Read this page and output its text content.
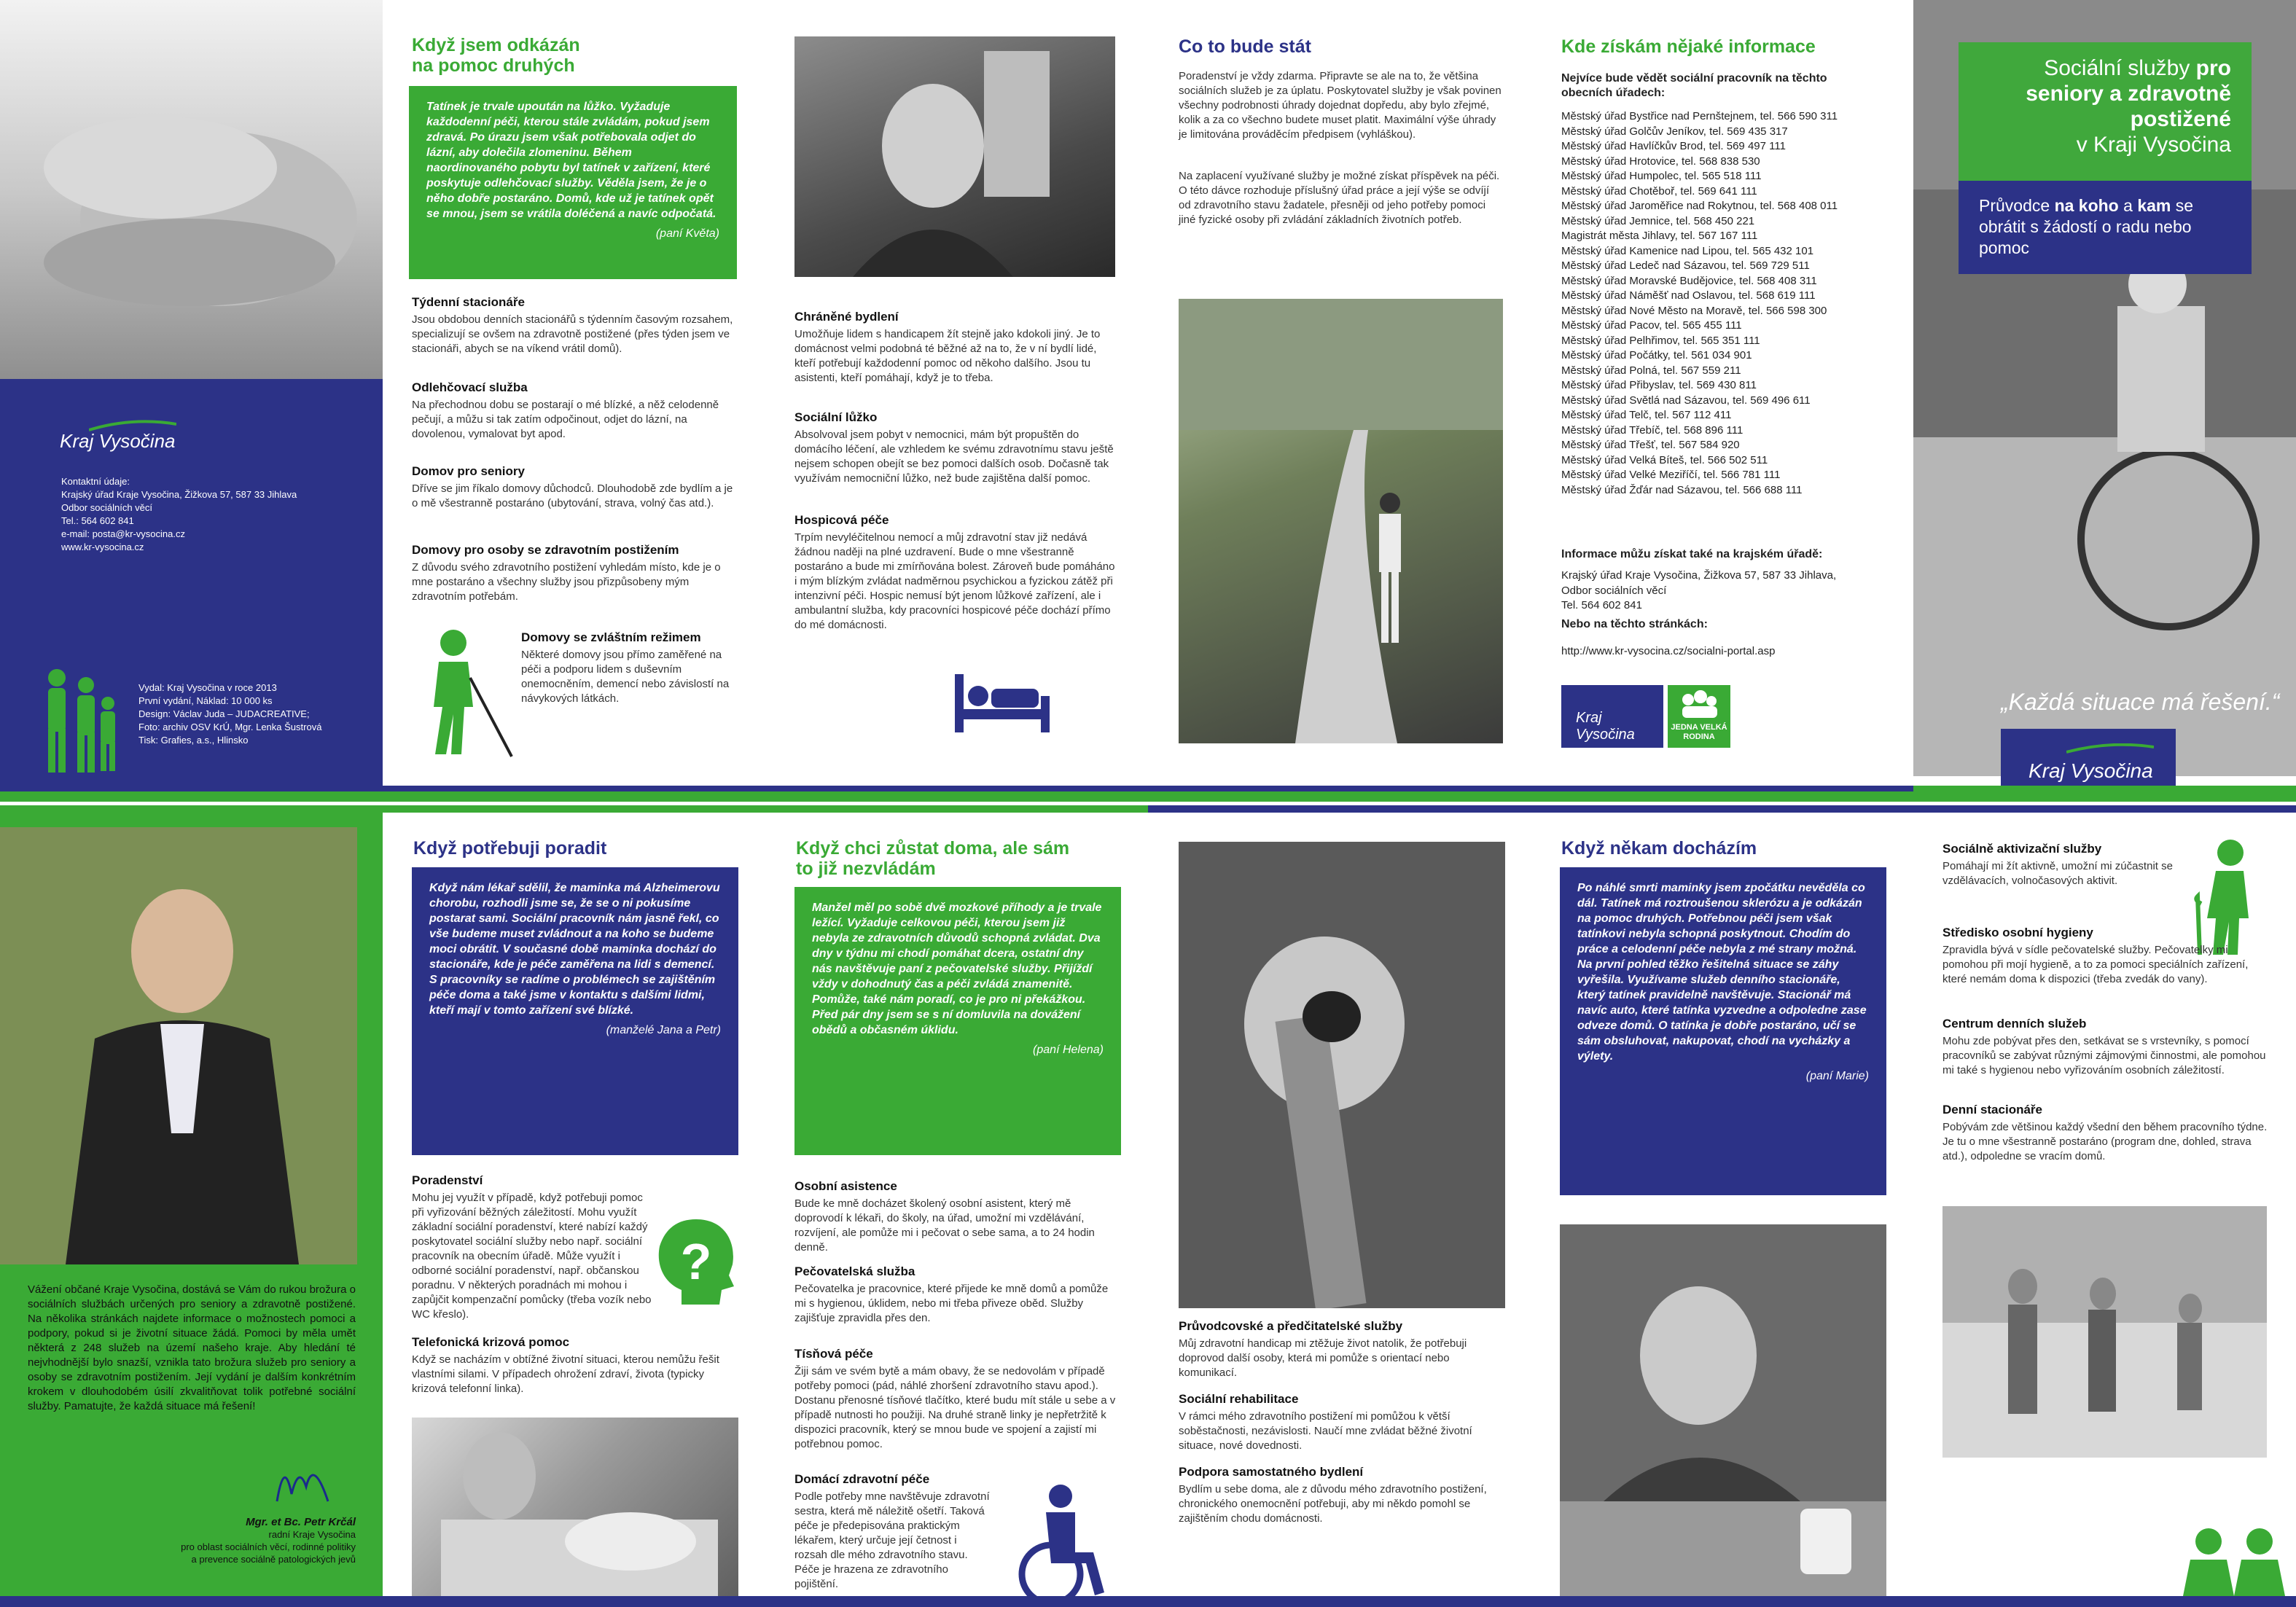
Kraj Vysočina
Kontaktní údaje:
Krajský úřad Kraje Vysočina, Žižkova 57, 587 33 Jihlava
Odbor sociálních věcí
Tel.: 564 602 841
e-mail: posta@kr-vysocina.cz
www.kr-vysocina.cz
Vydal: Kraj Vysočina v roce 2013
První vydání, Náklad: 10 000 ks
Design: Václav Juda – JUDACREATIVE;
Foto: archiv OSV KrÚ, Mgr. Lenka Šustrová
Tisk: Grafies, a.s., Hlinsko
Když jsem odkázán na pomoc druhých
Tatínek je trvale upoután na lůžko. Vyžaduje každodenní péči, kterou stále zvládám, pokud jsem zdravá. Po úrazu jsem však potřebovala odjet do lázní, aby dolečila zlomeninu. Během naordinovaného pobytu byl tatínek v zařízení, které poskytuje odlehčovací služby. Věděla jsem, že je o něho dobře postaráno. Domů, kde už je tatínek opět se mnou, jsem se vrátila doléčená a navíc odpočatá.
(paní Květa)
Týdenní stacionáře

Jsou obdobou denních stacionářů s týdenním časovým rozsahem, specializují se ovšem na zdravotně postižené (přes týden jsem ve stacionáři, abych se na víkend vrátil domů).

Odlehčovací služba

Na přechodnou dobu se postarají o mé blízké, a něž celodenně pečují, a můžu si tak zatím odpočinout, odjet do lázní, na dovolenou, vymalovat byt apod.

Domov pro seniory

Dříve se jim říkalo domovy důchodců. Dlouhodobě zde bydlím a je o mě všestranně postaráno (ubytování, strava, volný čas atd.).

Domovy pro osoby se zdravotním postižením

Z důvodu svého zdravotního postižení vyhledám místo, kde je o mne postaráno a všechny služby jsou přizpůsobeny mým zdravotním potřebám.

Domovy se zvláštním režimem

Některé domovy jsou přímo zaměřené na péči a podporu lidem s duševním onemocněním, demencí nebo závislostí na návykových látkách.

Chráněné bydlení

Umožňuje lidem s handicapem žít stejně jako kdokoli jiný. Je to domácnost velmi podobná té běžné až na to, že v ní bydlí lidé, kteří potřebují každodenní pomoc od někoho dalšího. Jsou tu asistenti, kteří pomáhají, když je to třeba.

Sociální lůžko

Absolvoval jsem pobyt v nemocnici, mám být propuštěn do domácího léčení, ale vzhledem ke svému zdravotnímu stavu ještě nejsem schopen obejít se bez pomoci dalších osob. Dočasně tak využívám nemocniční lůžko, než bude zajištěna další pomoc.

Hospicová péče

Trpím nevyléčitelnou nemocí a můj zdravotní stav již nedává žádnou naději na plné uzdravení. Bude o mne všestranně postaráno a bude mi zmírňována bolest. Zároveň bude pomáháno i mým blízkým zvládat nadměrnou psychickou a fyzickou zátěž při intenzivní péči. Hospic nemusí být jenom lůžkové zařízení, ale i ambulantní služba, kdy pracovníci hospicové péče dochází přímo do mé domácnosti.

Co to bude stát

Poradenství je vždy zdarma. Připravte se ale na to, že většina sociálních služeb je za úplatu. Poskytovatel služby je však povinen všechny podrobnosti úhrady dojednat dopředu, aby bylo zřejmé, kolik a za co všechno budete muset platit. Maximální výše úhrady je limitována prováděcím předpisem (vyhláškou).

Na zaplacení využívané služby je možné získat příspěvek na péči. O této dávce rozhoduje příslušný úřad práce a její výše se odvíjí od zdravotního stavu žadatele, přesněji od jeho potřeby pomoci jiné fyzické osoby při zvládání základních životních potřeb.

Kde získám nějaké informace
Nejvíce bude vědět sociální pracovník na těchto obecních úřadech:

Městský úřad Bystřice nad Pernštejnem, tel. 566 590 311

Městský úřad Golčův Jeníkov, tel. 569 435 317

Městský úřad Havlíčkův Brod, tel. 569 497 111

Městský úřad Hrotovice, tel. 568 838 530

Městský úřad Humpolec, tel. 565 518 111

Městský úřad Chotěboř, tel. 569 641 111

Městský úřad Jaroměřice nad Rokytnou, tel. 568 408 011

Městský úřad Jemnice, tel. 568 450 221

Magistrát města Jihlavy, tel. 567 167 111

Městský úřad Kamenice nad Lipou, tel. 565 432 101

Městský úřad Ledeč nad Sázavou, tel. 569 729 511

Městský úřad Moravské Budějovice, tel. 568 408 311

Městský úřad Náměšť nad Oslavou, tel. 568 619 111

Městský úřad Nové Město na Moravě, tel. 566 598 300

Městský úřad Pacov, tel. 565 455 111

Městský úřad Pelhřimov, tel. 565 351 111

Městský úřad Počátky, tel. 561 034 901

Městský úřad Polná, tel. 567 559 211

Městský úřad Přibyslav, tel. 569 430 811

Městský úřad Světlá nad Sázavou, tel. 569 496 611

Městský úřad Telč, tel. 567 112 411

Městský úřad Třebíč, tel. 568 896 111

Městský úřad Třešť, tel. 567 584 920

Městský úřad Velká Bíteš, tel. 566 502 511

Městský úřad Velké Meziříčí, tel. 566 781 111

Městský úřad Žďár nad Sázavou, tel. 566 688 111

Informace můžu získat také na krajském úřadě:

Krajský úřad Kraje Vysočina, Žižkova 57, 587 33 Jihlava,

Odbor sociálních věcí

Tel. 564 602 841

Nebo na těchto stránkách:
http://www.kr-vysocina.cz/socialni-portal.asp
Kraj Vysočina	JEDNA VELKÁ RODINA
Sociální služby pro seniory a zdravotně postižené
v Kraji Vysočina
Průvodce na koho a kam se obrátit s žádostí o radu nebo pomoc
„Každá situace má řešení.“
Kraj Vysočina
Vážení občané Kraje Vysočina, dostává se Vám do rukou brožura o sociálních službách určených pro seniory a zdravotně postižené. Na několika stránkách najdete informace o možnostech pomoci a podpory, pokud si je životní situace žádá. Pomoci by měla umět některá z 248 služeb na území našeho kraje. Aby hledání té nejvhodnější bylo snazší, vznikla tato brožura služeb pro seniory a osoby se zdravotním postižením. Její vydání je dalším konkrétním krokem v dlouhodobém úsilí zkvalitňovat tolik potřebné sociální služby. Pamatujte, že každá situace má řešení!
Mgr. et Bc. Petr Krčál
radní Kraje Vysočina
pro oblast sociálních věcí, rodinné politiky
a prevence sociálně patologických jevů
Když potřebuji poradit
Když nám lékař sdělil, že maminka má Alzheimerovu chorobu, rozhodli jsme se, že se o ni pokusíme postarat sami. Sociální pracovník nám jasně řekl, co vše budeme muset zvládnout a na koho se budeme moci obrátit. V současné době maminka dochází do stacionáře, kde je péče zaměřena na lidi s demencí. S pracovníky se radíme o problémech se zajištěním péče doma a také jsme v kontaktu s dalšími lidmi, kteří mají v tomto zařízení své blízké.
(manželé Jana a Petr)
Poradenství

Mohu jej využít v případě, když potřebuji pomoc při vyřizování běžných záležitostí. Mohu využít základní sociální poradenství, které nabízí každý poskytovatel sociální služby nebo např. sociální pracovník na obecním úřadě. Může využít i odborné sociální poradenství, např. občanskou poradnu. V některých poradnách mi mohou i zapůjčit kompenzační pomůcky (třeba vozík nebo WC křeslo).

?
Telefonická krizová pomoc

Když se nacházím v obtížné životní situaci, kterou nemůžu řešit vlastními silami. V případech ohrožení zdraví, života (typicky krizová telefonní linka).

Když chci zůstat doma, ale sám to již nezvládám
Manžel měl po sobě dvě mozkové příhody a je trvale ležící. Vyžaduje celkovou péči, kterou jsem již nebyla ze zdravotních důvodů schopná zvládat. Dva dny v týdnu mi chodí pomáhat dcera, ostatní dny nás navštěvuje paní z pečovatelské služby. Přijíždí vždy v dohodnutý čas a péči zvládá znamenitě. Pomůže, také nám poradí, co je pro ni překážkou. Před pár dny jsem se s ní domluvila na dovážení obědů a občasném úklidu.
(paní Helena)
Osobní asistence

Bude ke mně docházet školený osobní asistent, který mě doprovodí k lékaři, do školy, na úřad, umožní mi vzdělávání, rozvíjení, ale pomůže mi i pečovat o sebe sama, a to 24 hodin denně.

Pečovatelská služba

Pečovatelka je pracovnice, které přijede ke mně domů a pomůže mi s hygienou, úklidem, nebo mi třeba přiveze oběd. Služby zajišťuje zpravidla přes den.

Tísňová péče

Žiji sám ve svém bytě a mám obavy, že se nedovolám v případě potřeby pomoci (pád, náhlé zhoršení zdravotního stavu apod.). Dostanu přenosné tísňové tlačítko, které budu mít stále u sebe a v případě nutnosti ho použiji. Na druhé straně linky je nepřetržitě k dispozici pracovník, který se mnou bude ve spojení a zajistí mi potřebnou pomoc.

Domácí zdravotní péče

Podle potřeby mne navštěvuje zdravotní sestra, která mě náležitě ošetří. Taková péče je předepisována praktickým lékařem, který určuje její četnost i rozsah dle mého zdravotního stavu. Péče je hrazena ze zdravotního pojištění.

Průvodcovské a předčitatelské služby

Můj zdravotní handicap mi ztěžuje život natolik, že potřebuji doprovod další osoby, která mi pomůže s orientací nebo komunikací.

Sociální rehabilitace

V rámci mého zdravotního postižení mi pomůžou k větší soběstačnosti, nezávislosti. Naučí mne zvládat běžné životní situace, nové dovednosti.

Podpora samostatného bydlení

Bydlím u sebe doma, ale z důvodu mého zdravotního postižení, chronického onemocnění potřebuji, aby mi někdo pomohl se zajištěním chodu domácnosti.

Když někam docházím
Po náhlé smrti maminky jsem zpočátku nevěděla co dál. Tatínek má roztroušenou sklerózu a je odkázán na pomoc druhých. Potřebnou péči jsem však tatínkovi nebyla schopná poskytnout. Chodím do práce a celodenní péče nebyla z mé strany možná. Na první pohled těžko řešitelná situace se záhy vyřešila. Využívame služeb denního stacionáře, který tatínek pravidelně navštěvuje. Stacionář má navíc auto, které tatínka vyzvedne a odpoledne zase odveze domů. O tatínka je dobře postaráno, učí se sám obsluhovat, nakupovat, chodí na vycházky a výlety.
(paní Marie)
Sociálně aktivizační služby

Pomáhají mi žít aktivně, umožní mi zúčastnit se vzdělávacích, volnočasových aktivit.

Středisko osobní hygieny

Zpravidla bývá v sídle pečovatelské služby. Pečovatelky mi pomohou při mojí hygieně, a to za pomoci speciálních zařízení, které nemám doma k dispozici (třeba zvedák do vany).

Centrum denních služeb

Mohu zde pobývat přes den, setkávat se s vrstevníky, s pomocí pracovníků se zabývat různými zájmovými činnostmi, ale pomohou mi také s hygienou nebo vyřizováním osobních záležitostí.

Denní stacionáře

Pobývám zde většinou každý všední den během pracovního týdne. Je tu o mne všestranně postaráno (program dne, dohled, strava atd.), odpoledne se vracím domů.
